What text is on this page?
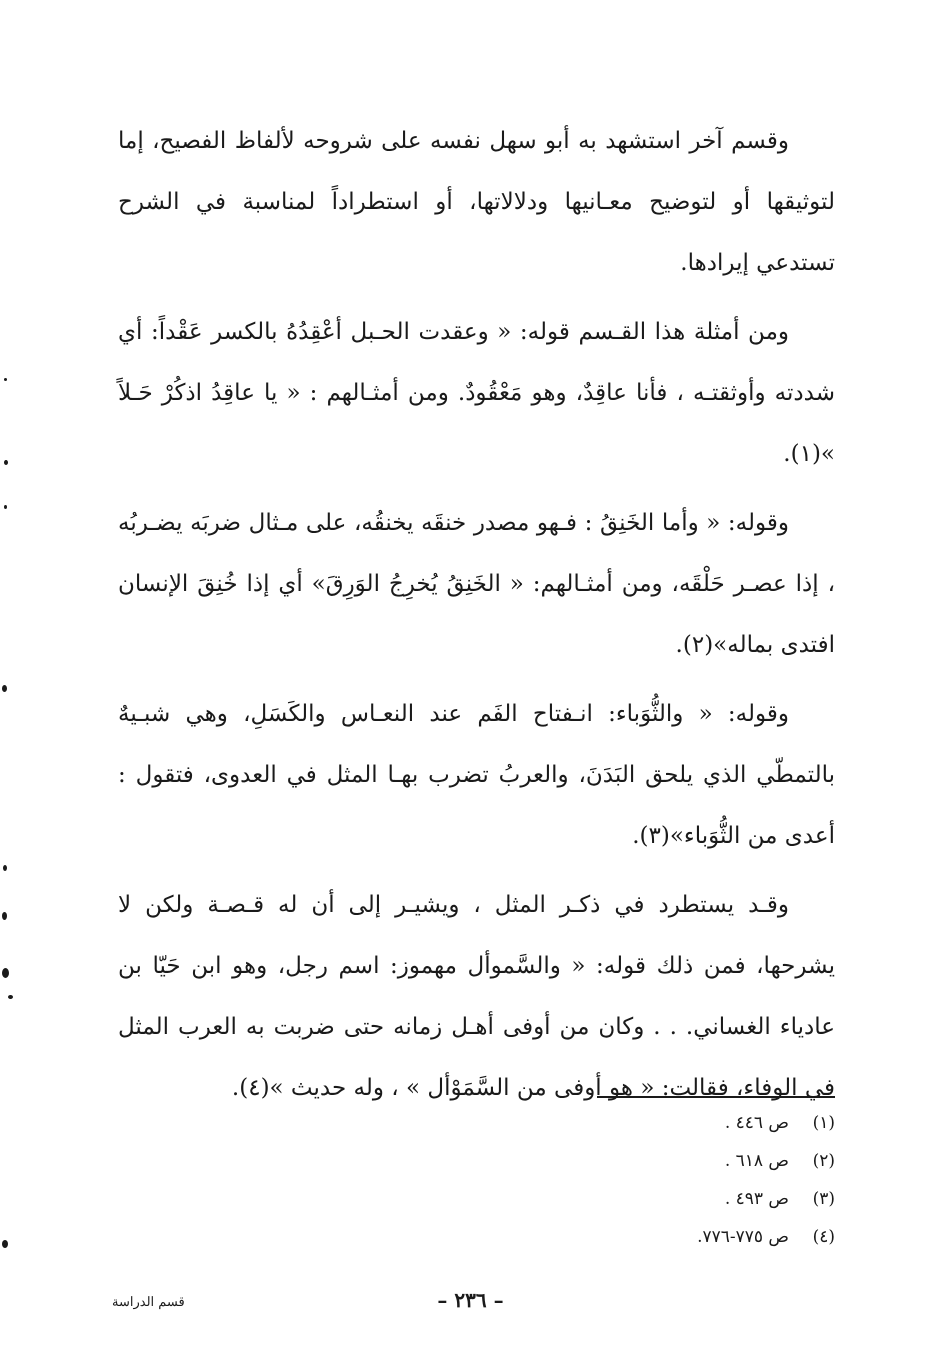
وقسم آخر استشهد به أبو سهل نفسه على شروحه لألفاظ الفصيح، إما لتوثيقها أو لتوضيح معـانيها ودلالاتها، أو استطراداً لمناسبة في الشرح تستدعي إيرادها.

ومن أمثلة هذا القـسم قوله: « وعقدت الحـبل أعْقِدُهُ بالكسر عَقْداً: أي شددته وأوثقتـه ، فأنا عاقِدٌ، وهو مَعْقُودٌ. ومن أمثـالهم : « يا عاقِدُ اذكُرْ حَـلاً »(١).

وقوله: « وأما الخَنِقُ : فـهو مصدر خنقَه يخنقُه، على مـثال ضربَه يضـربُه ، إذا عصـر حَلْقَه، ومن أمثـالهم: « الخَنِقُ يُخرِجُ الوَرِقَ» أي إذا خُنِقَ الإنسان افتدى بماله»(٢).

وقوله: « والثُّوَباء: انـفتاح الفَم عند النعـاس والكَسَلِ، وهي شبـيهٌ بالتمطّي الذي يلحق البَدَنَ، والعربُ تضرب بهـا المثل في العدوى، فتقول : أعدى من الثُّوَباء»(٣).

وقـد يستطرد في ذكـر المثل ، ويشيـر إلى أن له قـصـة ولكن لا يشرحها، فمن ذلك قوله: « والسَّموأل مهموز: اسم رجل، وهو ابن حَيّا بن عادياء الغساني. . . وكان من أوفى أهـل زمانه حتى ضربت به العرب المثل في الوفاء، فقالت: « هو أوفى من السَّمَوْأل » ، وله حديث »(٤).

(١)
ص ٤٤٦ .
(٢)
ص ٦١٨ .
(٣)
ص ٤٩٣ .
(٤)
ص ٧٧٥-٧٧٦.
قسم الدراسة	– ٢٣٦ –
